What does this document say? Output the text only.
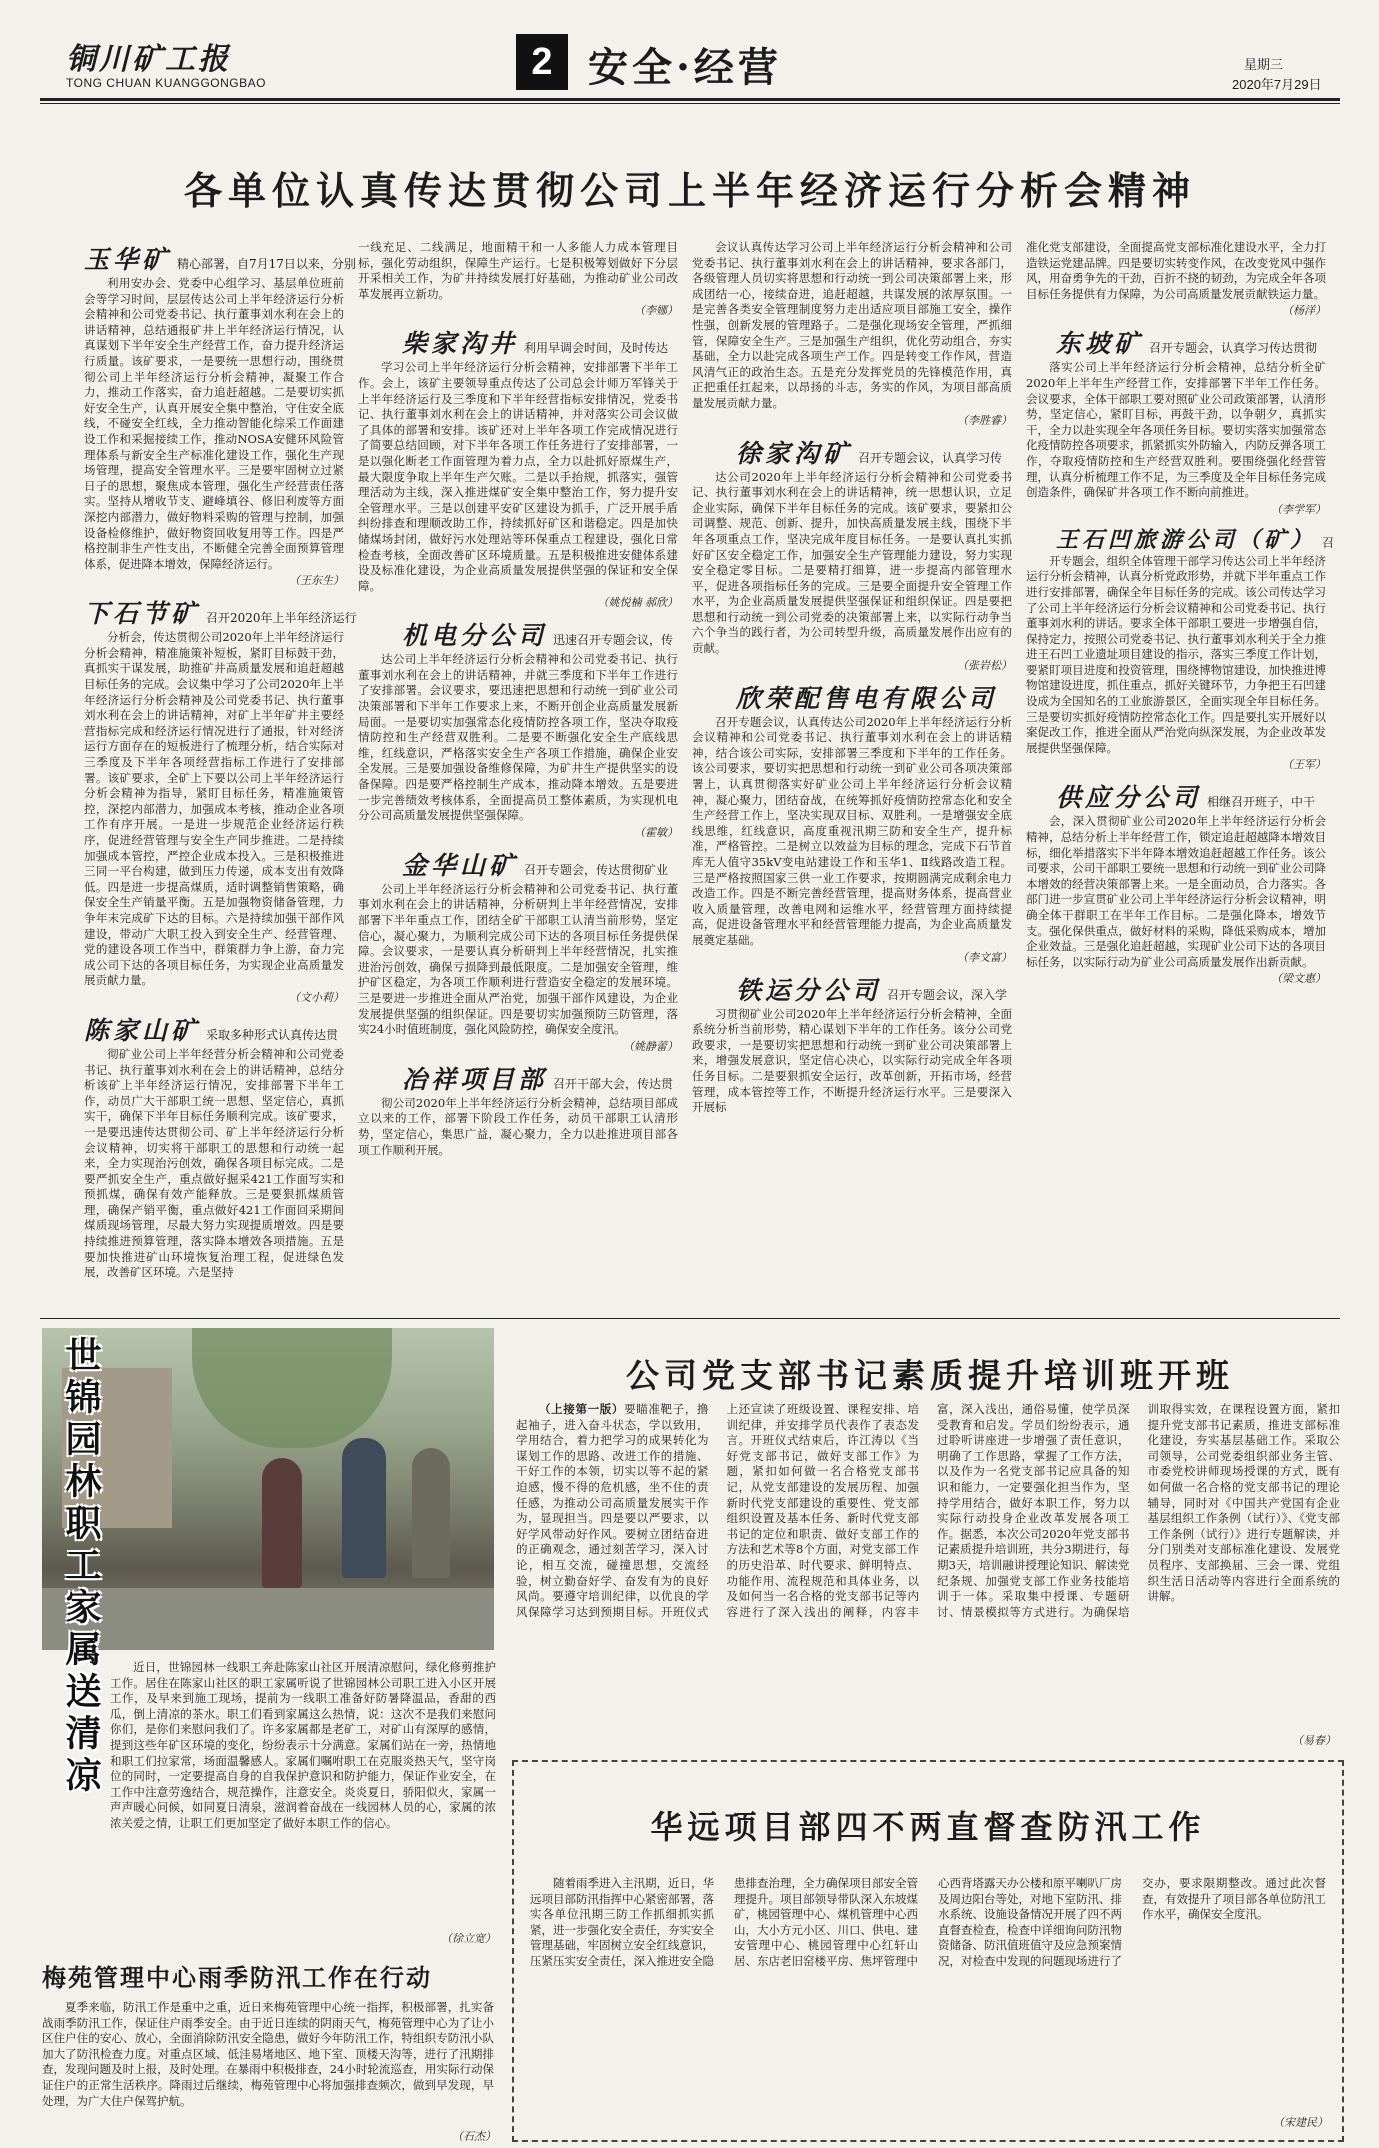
铜川矿工报
TONG CHUAN KUANGGONGBAO
2 安全·经营	星期三
2020年7月29日
各单位认真传达贯彻公司上半年经济运行分析会精神
玉华矿 精心部署，自7月17日以来，分别
利用安办会、党委中心组学习、基层单位班前会等学习时间，层层传达公司上半年经济运行分析会精神和公司党委书记、执行董事刘水利在会上的讲话精神，总结通报矿井上半年经济运行情况，认真谋划下半年安全生产经营工作，奋力提升经济运行质量。该矿要求，一是要统一思想行动，围绕贯彻公司上半年经济运行分析会精神，凝聚工作合力，推动工作落实，奋力追赶超越。二是要切实抓好安全生产，认真开展安全集中整治，守住安全底线，不碰安全红线，全力推动智能化综采工作面建设工作和采掘接续工作，推动NOSA安健环风险管理体系与新安全生产标准化建设工作，强化生产现场管理，提高安全管理水平。三是要牢固树立过紧日子的思想，聚焦成本管理，强化生产经营责任落实。坚持从增收节支、避峰填谷、修旧利废等方面深挖内部潜力，做好物料采购的管理与控制，加强设备检修维护，做好物资回收复用等工作。四是严格控制非生产性支出，不断健全完善全面预算管理体系，促进降本增效，保障经济运行。
（王东生）
下石节矿 召开2020年上半年经济运行
分析会，传达贯彻公司2020年上半年经济运行分析会精神，精准施策补短板，紧盯目标鼓干劲，真抓实干谋发展，助推矿井高质量发展和追赶超越目标任务的完成。会议集中学习了公司2020年上半年经济运行分析会精神及公司党委书记、执行董事刘水利在会上的讲话精神，对矿上半年矿井主要经营指标完成和经济运行情况进行了通报，针对经济运行方面存在的短板进行了梳理分析，结合实际对三季度及下半年各项经营指标工作进行了安排部署。该矿要求，全矿上下要以公司上半年经济运行分析会精神为指导，紧盯目标任务，精准施策管控，深挖内部潜力，加强成本考核，推动企业各项工作有序开展。一是进一步规范企业经济运行秩序，促进经营管理与安全生产同步推进。二是持续加强成本管控，严控企业成本投入。三是积极推进三同一平台构建，做到压力传递，成本支出有效降低。四是进一步提高煤质，适时调整销售策略，确保安全生产销量平衡。五是加强物资储备管理，力争年末完成矿下达的目标。六是持续加强干部作风建设，带动广大职工投入到安全生产、经营管理、党的建设各项工作当中，群策群力争上游，奋力完成公司下达的各项目标任务，为实现企业高质量发展贡献力量。
（文小莉）
陈家山矿 采取多种形式认真传达贯
彻矿业公司上半年经营分析会精神和公司党委书记、执行董事刘水利在会上的讲话精神，总结分析该矿上半年经济运行情况，安排部署下半年工作，动员广大干部职工统一思想、坚定信心，真抓实干，确保下半年目标任务顺利完成。该矿要求，一是要迅速传达贯彻公司、矿上半年经济运行分析会议精神，切实将干部职工的思想和行动统一起来，全力实现治污创效，确保各项目标完成。二是要严抓安全生产，重点做好掘采421工作面写实和预抓煤，确保有效产能释放。三是要狠抓煤质管理，确保产销平衡，重点做好421工作面回采期间煤质现场管理，尽最大努力实现提质增效。四是要持续推进预算管理，落实降本增效各项措施。五是要加快推进矿山环境恢复治理工程，促进绿色发展，改善矿区环境。六是坚持
一线充足、二线满足，地面精干和一人多能人力成本管理目标，强化劳动组织，保障生产运行。七是积极筹划做好下分层开采相关工作，为矿井持续发展打好基础，为推动矿业公司改革发展再立新功。
（李娜）
柴家沟井 利用早调会时间，及时传达
学习公司上半年经济运行分析会精神，安排部署下半年工作。会上，该矿主要领导重点传达了公司总会计师万军锋关于上半年经济运行及三季度和下半年经营指标安排情况，党委书记、执行董事刘水利在会上的讲话精神，并对落实公司会议做了具体的部署和安排。该矿还对上半年各项工作完成情况进行了简要总结回顾，对下半年各项工作任务进行了安排部署，一是以强化断老工作面管理为着力点，全力以赴抓好原煤生产，最大限度争取上半年生产欠账。二是以手抬规，抓落实，强管理活动为主线，深入推进煤矿安全集中整治工作，努力提升安全管理水平。三是以创建平安矿区建设为抓手，广泛开展手盾纠纷排查和理顺改助工作，持续抓好矿区和谐稳定。四是加快储煤场封闭，做好污水处理站等环保重点工程建设，强化日常检查考核，全面改善矿区环境质量。五是积极推进安健体系建设及标准化建设，为企业高质量发展提供坚强的保证和安全保障。
（姚悦楠 郝欣）
机电分公司 迅速召开专题会议，传
达公司上半年经济运行分析会精神和公司党委书记、执行董事刘水利在会上的讲话精神，并就三季度和下半年工作进行了安排部署。会议要求，要迅速把思想和行动统一到矿业公司决策部署和下半年工作要求上来，不断开创企业高质量发展新局面。一是要切实加强常态化疫情防控各项工作，坚决夺取疫情防控和生产经营双胜利。二是要不断强化安全生产底线思维，红线意识，严格落实安全生产各项工作措施，确保企业安全发展。三是要加强设备维修保障，为矿井生产提供坚实的设备保障。四是要严格控制生产成本，推动降本增效。五是要进一步完善绩效考核体系，全面提高员工整体素质，为实现机电分公司高质量发展提供坚强保障。
（霍敏）
金华山矿 召开专题会，传达贯彻矿业
公司上半年经济运行分析会精神和公司党委书记、执行董事刘水利在会上的讲话精神，分析研判上半年经营情况，安排部署下半年重点工作，团结全矿干部职工认清当前形势，坚定信心，凝心聚力，为顺利完成公司下达的各项目标任务提供保障。会议要求，一是要认真分析研判上半年经营情况，扎实推进治污创效，确保亏损降到最低限度。二是加强安全管理，维护矿区稳定，为各项工作顺利进行营造安全稳定的发展环境。三是要进一步推进全面从严治党，加强干部作风建设，为企业发展提供坚强的组织保证。四是要切实加强预防三防管理，落实24小时值班制度，强化风险防控，确保安全度汛。
（姚静蕾）
冶祥项目部 召开干部大会，传达贯
彻公司2020年上半年经济运行分析会精神，总结项目部成立以来的工作，部署下阶段工作任务，动员干部职工认清形势，坚定信心，集思广益，凝心聚力，全力以赴推进项目部各项工作顺利开展。
会议认真传达学习公司上半年经济运行分析会精神和公司党委书记、执行董事刘水利在会上的讲话精神，要求各部门，各级管理人员切实将思想和行动统一到公司决策部署上来，形成团结一心，接续奋进，追赶超越，共谋发展的浓厚氛围。一是完善各类安全管理制度努力走出适应项目部施工安全，操作性强，创新发展的管理路子。二是强化现场安全管理，严抓细管，保障安全生产。三是加强生产组织，优化劳动组合，夯实基础，全力以赴完成各项生产工作。四是转变工作作风，营造风清气正的政治生态。五是充分发挥党员的先锋模范作用，真正把重任扛起来，以昂扬的斗志，务实的作风，为项目部高质量发展贡献力量。
（李胜睿）
徐家沟矿 召开专题会议，认真学习传
达公司2020年上半年经济运行分析会精神和公司党委书记、执行董事刘水利在会上的讲话精神，统一思想认识，立足企业实际，确保下半年目标任务的完成。该矿要求，要紧扣公司调整、规范、创新、提升，加快高质量发展主线，围绕下半年各项重点工作，坚决完成年度目标任务。一是要认真扎实抓好矿区安全稳定工作，加强安全生产管理能力建设，努力实现安全稳定零目标。二是要精打细算，进一步提高内部管理水平，促进各项指标任务的完成。三是要全面提升安全管理工作水平，为企业高质量发展提供坚强保证和组织保证。四是要把思想和行动统一到公司党委的决策部署上来，以实际行动争当六个争当的践行者，为公司转型升级，高质量发展作出应有的贡献。
（张岩松）
欣荣配售电有限公司
召开专题会议，认真传达公司2020年上半年经济运行分析会议精神和公司党委书记、执行董事刘水利在会上的讲话精神，结合该公司实际，安排部署三季度和下半年的工作任务。该公司要求，要切实把思想和行动统一到矿业公司各项决策部署上，认真贯彻落实好矿业公司上半年经济运行分析会议精神，凝心聚力，团结奋战，在统筹抓好疫情防控常态化和安全生产经营工作上，坚决实现双目标、双胜利。一是增强安全底线思维，红线意识，高度重视汛期三防和安全生产，提升标准，严格管控。二是树立以效益为目标的理念，完成下石节首库无人值守35kV变电站建设工作和玉华1、Ⅱ线路改造工程。三是严格按照国家三供一业工作要求，按期圆满完成剩余电力改造工作。四是不断完善经营管理，提高财务体系，提高营业收入质量管理，改善电网和运维水平，经营管理方面持续提高，促进设备管理水平和经营管理能力提高，为企业高质量发展奠定基础。
（李文富）
铁运分公司 召开专题会议，深入学
习贯彻矿业公司2020年上半年经济运行分析会精神，全面系统分析当前形势，精心谋划下半年的工作任务。该分公司党政要求，一是要切实把思想和行动统一到矿业公司决策部署上来，增强发展意识，坚定信心决心，以实际行动完成全年各项任务目标。二是要狠抓安全运行，改革创新，开拓市场，经营管理，成本管控等工作，不断提升经济运行水平。三是要深入开展标
准化党支部建设，全面提高党支部标准化建设水平，全力打造铁运党建品牌。四是要切实转变作风，在改变党风中强作风，用奋勇争先的干劲，百折不挠的韧劲，为完成全年各项目标任务提供有力保障，为公司高质量发展贡献铁运力量。
（杨洋）
东坡矿 召开专题会，认真学习传达贯彻
落实公司上半年经济运行分析会精神，总结分析全矿2020年上半年生产经营工作，安排部署下半年工作任务。会议要求，全体干部职工要对照矿业公司政策部署，认清形势，坚定信心，紧盯目标，再鼓干劲，以争朝夕，真抓实干，全力以赴实现全年各项任务目标。要切实落实加强常态化疫情防控各项要求，抓紧抓实外防输入，内防反弹各项工作，夺取疫情防控和生产经营双胜利。要围绕强化经营管理，认真分析梳理工作不足，为三季度及全年目标任务完成创造条件，确保矿井各项工作不断向前推进。
（李学军）
王石凹旅游公司（矿） 召
开专题会，组织全体管理干部学习传达公司上半年经济运行分析会精神，认真分析党政形势，并就下半年重点工作进行安排部署，确保全年目标任务的完成。该公司传达学习了公司上半年经济运行分析会议精神和公司党委书记、执行董事刘水利的讲话。要求全体干部职工要进一步增强自信，保持定力，按照公司党委书记、执行董事刘水利关于全力推进王石凹工业遗址项目建设的指示，落实三季度工作计划，要紧盯项目进度和投资管理，围绕博物馆建设，加快推进博物馆建设进度，抓住重点，抓好关键环节，力争把王石凹建设成为全国知名的工业旅游景区，全面实现全年目标任务。三是要切实抓好疫情防控常态化工作。四是要扎实开展好以案促改工作，推进全面从严治党向纵深发展，为企业改革发展提供坚强保障。
（王军）
供应分公司 相继召开班子，中干
会，深入贯彻矿业公司2020年上半年经济运行分析会精神，总结分析上半年经营工作，锁定追赶超越降本增效目标，细化举措落实下半年降本增效追赶超越工作任务。该公司要求，公司干部职工要统一思想和行动统一到矿业公司降本增效的经营决策部署上来。一是全面动员，合力落实。各部门进一步宣贯矿业公司上半年经济运行分析会议精神，明确全体干群职工在半年工作目标。二是强化降本，增效节支。强化保供重点，做好材料的采购，降低采购成本，增加企业效益。三是强化追赶超越，实现矿业公司下达的各项目标任务，以实际行动为矿业公司高质量发展作出新贡献。
（梁文惠）
世锦园林职工家属送清凉	近日，世锦园林一线职工奔赴陈家山社区开展清凉慰问，绿化修剪推护工作。居住在陈家山社区的职工家属听说了世锦园林公司职工进入小区开展工作，及早来到施工现场，提前为一线职工准备好防暑降温品，香甜的西瓜，倒上清凉的茶水。职工们看到家属这么热情，说：这次不是我们来慰问你们，是你们来慰问我们了。许多家属都是老矿工，对矿山有深厚的感情，提到这些年矿区环境的变化，纷纷表示十分满意。家属们站在一旁，热情地和职工们拉家常，场面温馨感人。家属们嘱咐职工在克服炎热天气，坚守岗位的同时，一定要提高自身的自我保护意识和防护能力，保证作业安全，在工作中注意劳逸结合，规范操作，注意安全。炎炎夏日，骄阳似火，家属一声声暖心问候，如同夏日清泉，滋润着奋战在一线园林人员的心，家属的浓浓关爱之情，让职工们更加坚定了做好本职工作的信心。
（徐立宽）
公司党支部书记素质提升培训班开班
（上接第一版）要瞄准靶子，撸起袖子，进入奋斗状态，学以致用，学用结合，着力把学习的成果转化为谋划工作的思路、改进工作的措施、干好工作的本领，切实以等不起的紧迫感，慢不得的危机感，坐不住的责任感，为推动公司高质量发展实干作为，显现担当。四是要以严要求，以好学风带动好作风。要树立团结奋进的正确观念，通过刻苦学习，深入讨论，相互交流，碰撞思想，交流经验，树立勤奋好学、奋发有为的良好风尚。要遵守培训纪律，以优良的学风保障学习达到预期目标。开班仪式上还宣读了班级设置、课程安排、培训纪律，并安排学员代表作了表态发言。开班仪式结束后，许江涛以《当好党支部书记，做好支部工作》为题，紧扣如何做一名合格党支部书记，从党支部建设的发展历程、加强新时代党支部建设的重要性、党支部组织设置及基本任务、新时代党支部书记的定位和职责、做好支部工作的方法和艺术等8个方面，对党支部工作的历史沿革、时代要求、鲜明特点、功能作用、流程规范和具体业务，以及如何当一名合格的党支部书记等内容进行了深入浅出的阐释，内容丰富，深入浅出，通俗易懂，使学员深受教育和启发。学员们纷纷表示，通过聆听讲座进一步增强了责任意识，明确了工作思路，掌握了工作方法，以及作为一名党支部书记应具备的知识和能力，一定要强化担当作为，坚持学用结合，做好本职工作，努力以实际行动投身企业改革发展各项工作。据悉，本次公司2020年党支部书记素质提升培训班，共分3期进行，每期3天，培训融讲授理论知识、解读党纪条规、加强党支部工作业务技能培训于一体。采取集中授课、专题研讨、情景模拟等方式进行。为确保培训取得实效，在课程设置方面，紧扣提升党支部书记素质，推进支部标准化建设，夯实基层基础工作。采取公司领导，公司党委组织部业务主管、市委党校讲师现场授课的方式，既有如何做一名合格的党支部书记的理论辅导，同时对《中国共产党国有企业基层组织工作条例（试行）》、《党支部工作条例（试行）》进行专题解读，并分门别类对支部标准化建设、发展党员程序、支部换届、三会一课、党组织生活日活动等内容进行全面系统的讲解。
（易春）
梅苑管理中心雨季防汛工作在行动
夏季来临，防汛工作是重中之重，近日来梅苑管理中心统一指挥，积极部署，扎实备战雨季防汛工作，保证住户雨季安全。由于近日连续的阴雨天气，梅苑管理中心为了让小区住户住的安心、放心，全面消除防汛安全隐患，做好今年防汛工作，特组织专防汛小队加大了防汛检查力度。对重点区域、低洼易堵地区、地下室、顶楼天沟等，进行了汛期排查，发现问题及时上报，及时处理。在暴雨中积极排查，24小时轮流巡查，用实际行动保证住户的正常生活秩序。降雨过后继续，梅苑管理中心将加强排查频次，做到早发现，早处理，为广大住户保驾护航。
（石杰）
华远项目部四不两直督查防汛工作
随着雨季进入主汛期，近日，华远项目部防汛指挥中心紧密部署，落实各单位汛期三防工作抓细抓实抓紧，进一步强化安全责任，夯实安全管理基础，牢固树立安全红线意识，压紧压实安全责任，深入推进安全隐患排查治理，全力确保项目部安全管理提升。项目部领导带队深入东坡煤矿，桃园管理中心、煤机管理中心西山，大小方元小区、川口、供电、建安管理中心、桃园管理中心红轩山居、东店老旧窑楼平房、焦坪管理中心西背塔露天办公楼和原平喇叭厂房及周边阳台等处，对地下室防汛、排水系统、设施设备情况开展了四不两直督查检查，检查中详细询问防汛物资储备、防汛值班值守及应急预案情况，对检查中发现的问题现场进行了交办，要求限期整改。通过此次督查，有效提升了项目部各单位防汛工作水平，确保安全度汛。
（宋建民）
